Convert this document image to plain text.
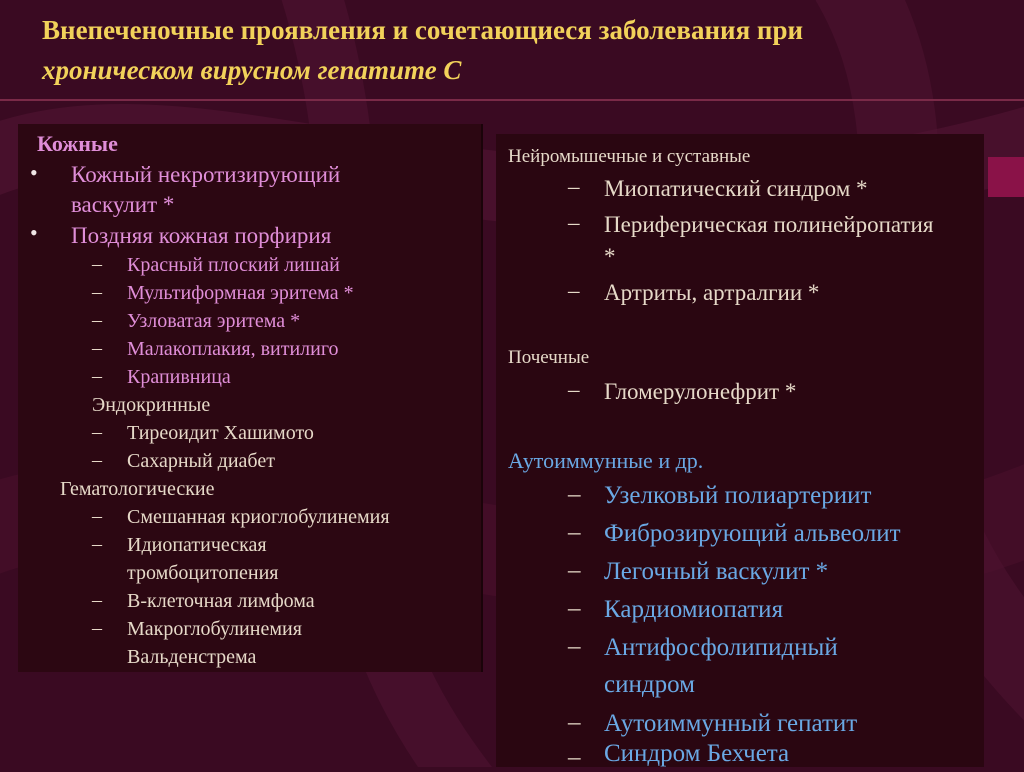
Внепеченочные проявления и сочетающиеся заболевания при
хроническом вирусном гепатите С
Кожные
• Кожный некротизирующий
васкулит *
• Поздняя кожная порфирия
– Красный плоский лишай
– Мультиформная эритема *
– Узловатая эритема *
– Малакоплакия, витилиго
– Крапивница
Эндокринные
– Тиреоидит Хашимото
– Сахарный диабет
Гематологические
– Смешанная криоглобулинемия
– Идиопатическая
тромбоцитопения
– В-клеточная лимфома
– Макроглобулинемия
Вальденстрема
Нейромышечные и суставные
– Миопатический синдром *
– Периферическая полинейропатия
*
– Артриты, артралгии *
Почечные
– Гломерулонефрит *
Аутоиммунные и др.
– Узелковый полиартериит
– Фиброзирующий альвеолит
– Легочный васкулит *
– Кардиомиопатия
– Антифосфолипидный
синдром
– Аутоиммунный гепатит
– Синдром Бехчета
